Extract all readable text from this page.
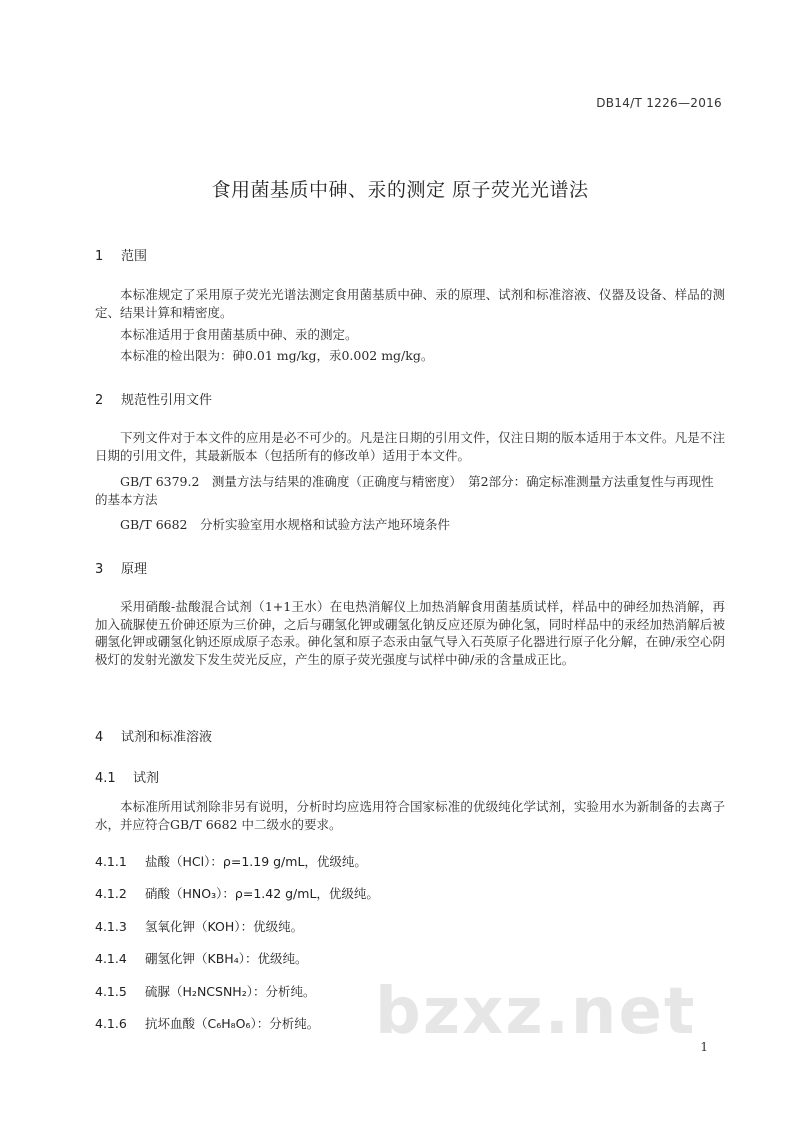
DB14/T 1226—2016
食用菌基质中砷、汞的测定 原子荧光光谱法
1 范围
本标准规定了采用原子荧光光谱法测定食用菌基质中砷、汞的原理、试剂和标准溶液、仪器及设备、样品的测定、结果计算和精密度。
本标准适用于食用菌基质中砷、汞的测定。
本标准的检出限为：砷0.01 mg/kg，汞0.002 mg/kg。
2 规范性引用文件
下列文件对于本文件的应用是必不可少的。凡是注日期的引用文件，仅注日期的版本适用于本文件。凡是不注日期的引用文件，其最新版本（包括所有的修改单）适用于本文件。
GB/T 6379.2　测量方法与结果的准确度（正确度与精密度）　第2部分：确定标准测量方法重复性与再现性的基本方法
GB/T 6682　分析实验室用水规格和试验方法产地环境条件
3 原理
采用硝酸-盐酸混合试剂（1+1王水）在电热消解仪上加热消解食用菌基质试样，样品中的砷经加热消解，再加入硫脲使五价砷还原为三价砷，之后与硼氢化钾或硼氢化钠反应还原为砷化氢，同时样品中的汞经加热消解后被硼氢化钾或硼氢化钠还原成原子态汞。砷化氢和原子态汞由氩气导入石英原子化器进行原子化分解，在砷/汞空心阴极灯的发射光激发下发生荧光反应，产生的原子荧光强度与试样中砷/汞的含量成正比。
4 试剂和标准溶液
4.1 试剂
本标准所用试剂除非另有说明，分析时均应选用符合国家标准的优级纯化学试剂，实验用水为新制备的去离子水，并应符合GB/T 6682 中二级水的要求。
4.1.1 盐酸（HCl）：ρ=1.19 g/mL，优级纯。
4.1.2 硝酸（HNO₃）：ρ=1.42 g/mL，优级纯。
4.1.3 氢氧化钾（KOH）：优级纯。
4.1.4 硼氢化钾（KBH₄）：优级纯。
4.1.5 硫脲（H₂NCSNH₂）：分析纯。
4.1.6 抗坏血酸（C₆H₈O₆）：分析纯。 bzxz.net 1
